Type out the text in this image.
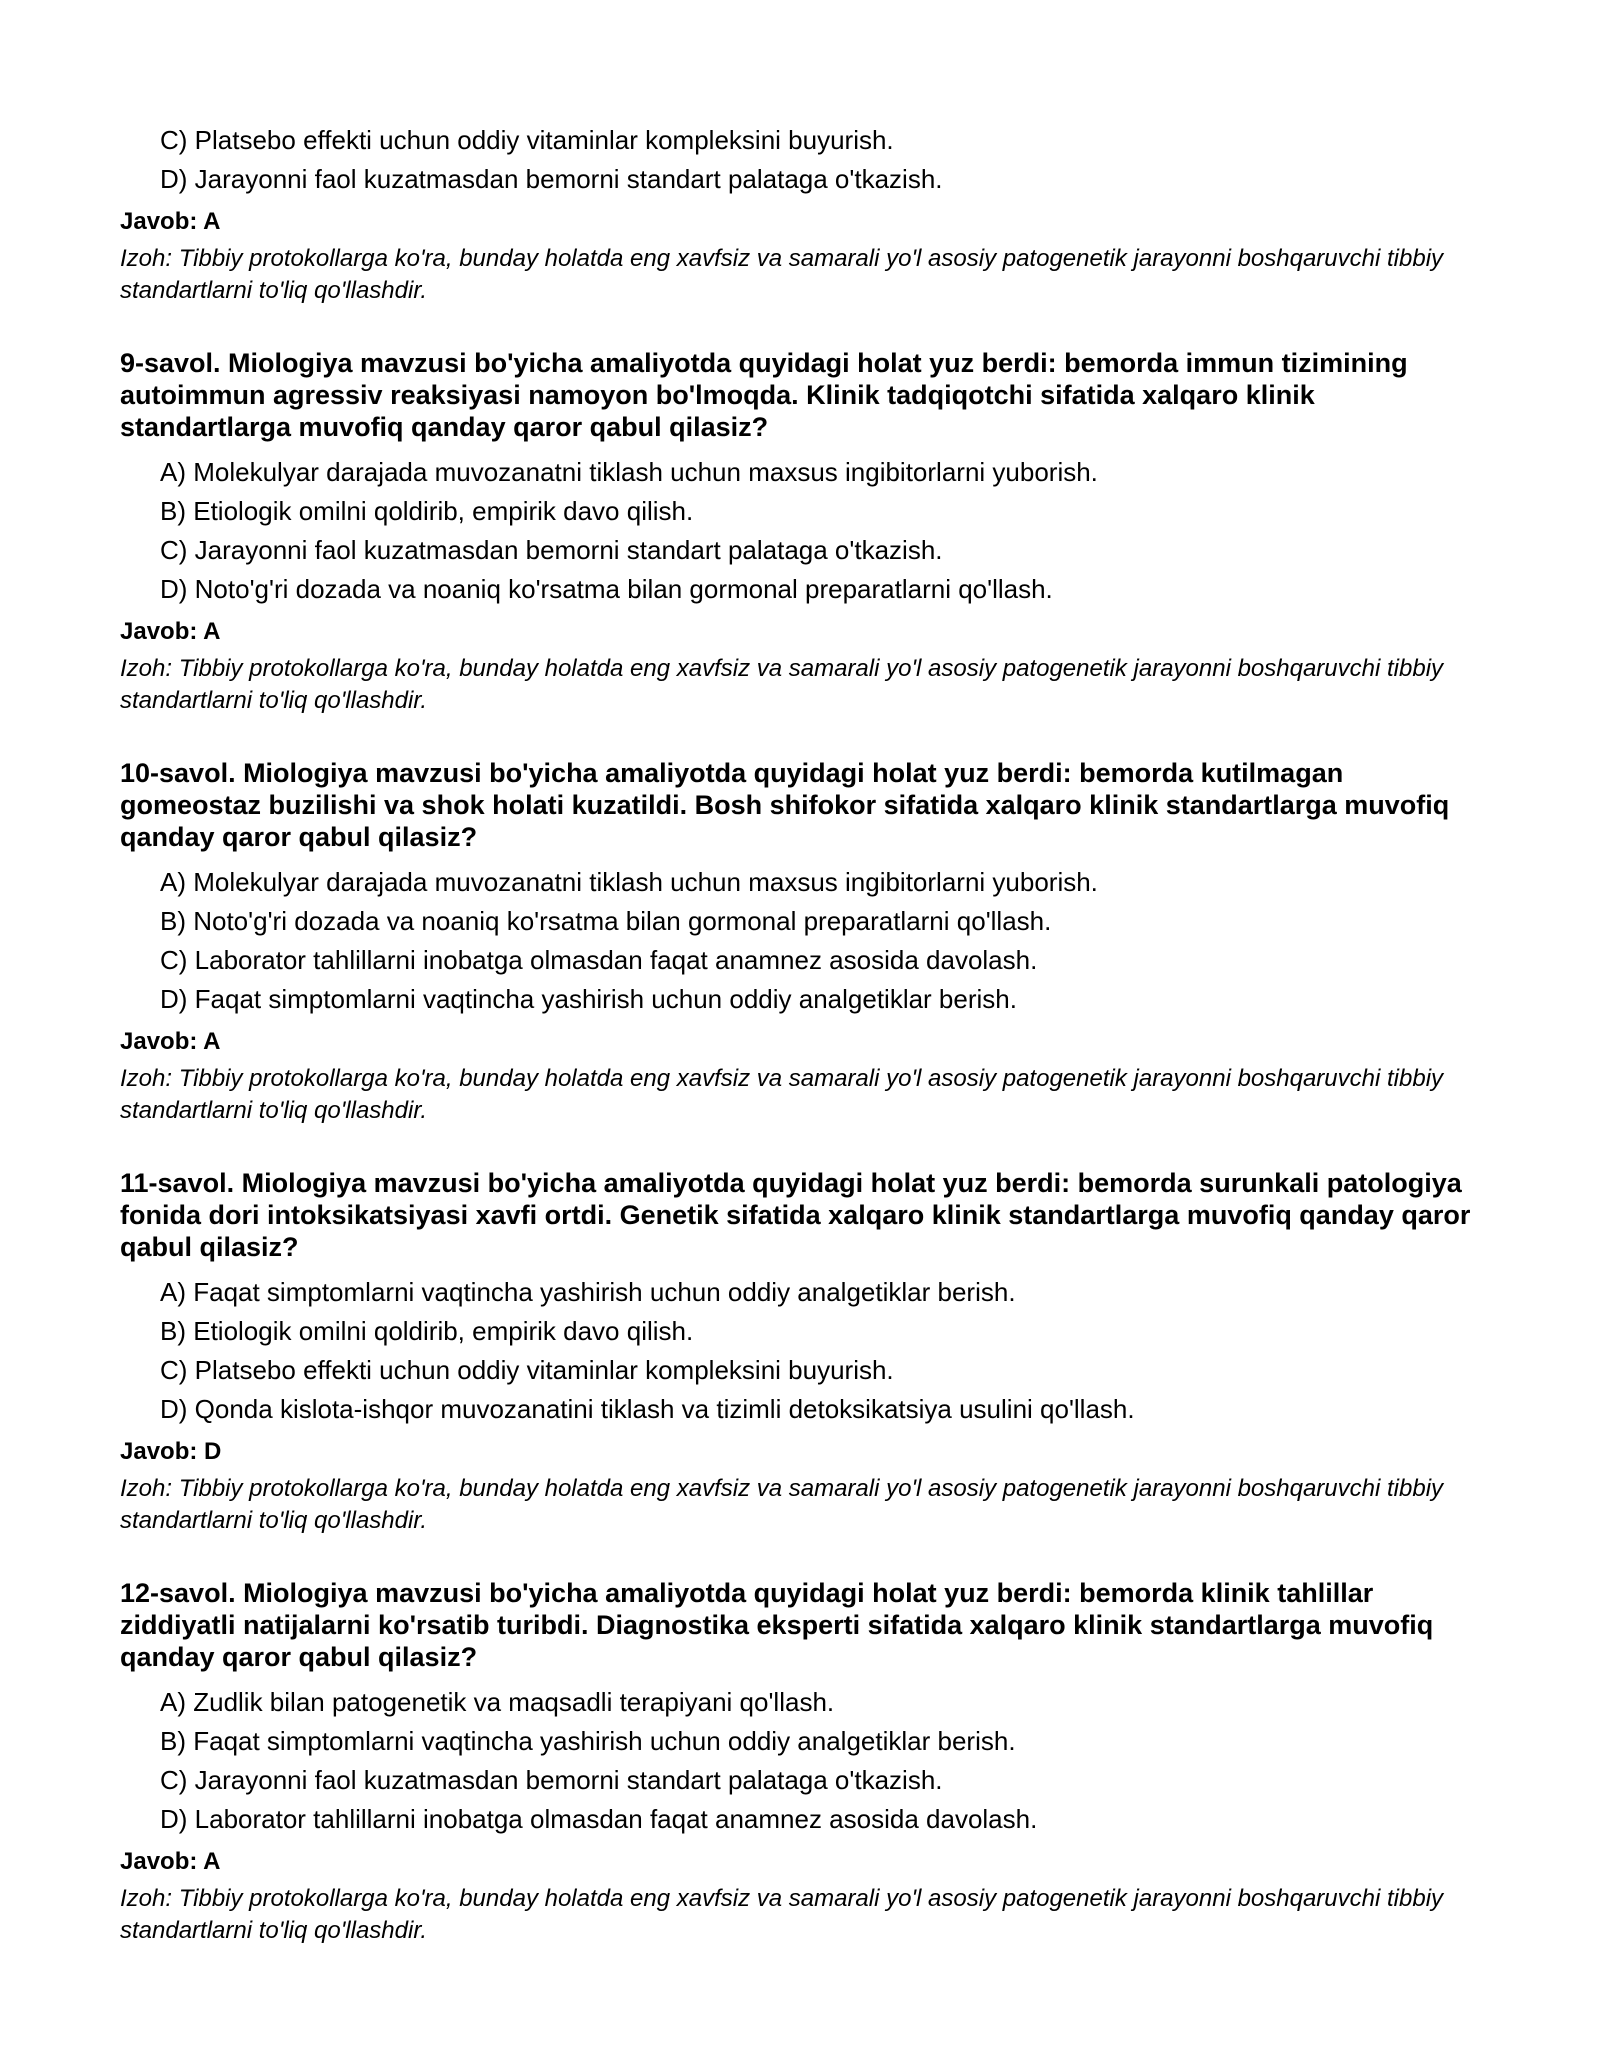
C) Platsebo effekti uchun oddiy vitaminlar kompleksini buyurish.
D) Jarayonni faol kuzatmasdan bemorni standart palataga o'tkazish.
Javob: A
Izoh: Tibbiy protokollarga ko'ra, bunday holatda eng xavfsiz va samarali yo'l asosiy patogenetik jarayonni boshqaruvchi tibbiy standartlarni to'liq qo'llashdir.
9-savol. Miologiya mavzusi bo'yicha amaliyotda quyidagi holat yuz berdi: bemorda immun tizimining autoimmun agressiv reaksiyasi namoyon bo'lmoqda. Klinik tadqiqotchi sifatida xalqaro klinik standartlarga muvofiq qanday qaror qabul qilasiz?
A) Molekulyar darajada muvozanatni tiklash uchun maxsus ingibitorlarni yuborish.
B) Etiologik omilni qoldirib, empirik davo qilish.
C) Jarayonni faol kuzatmasdan bemorni standart palataga o'tkazish.
D) Noto'g'ri dozada va noaniq ko'rsatma bilan gormonal preparatlarni qo'llash.
Javob: A
Izoh: Tibbiy protokollarga ko'ra, bunday holatda eng xavfsiz va samarali yo'l asosiy patogenetik jarayonni boshqaruvchi tibbiy standartlarni to'liq qo'llashdir.
10-savol. Miologiya mavzusi bo'yicha amaliyotda quyidagi holat yuz berdi: bemorda kutilmagan gomeostaz buzilishi va shok holati kuzatildi. Bosh shifokor sifatida xalqaro klinik standartlarga muvofiq qanday qaror qabul qilasiz?
A) Molekulyar darajada muvozanatni tiklash uchun maxsus ingibitorlarni yuborish.
B) Noto'g'ri dozada va noaniq ko'rsatma bilan gormonal preparatlarni qo'llash.
C) Laborator tahlillarni inobatga olmasdan faqat anamnez asosida davolash.
D) Faqat simptomlarni vaqtincha yashirish uchun oddiy analgetiklar berish.
Javob: A
Izoh: Tibbiy protokollarga ko'ra, bunday holatda eng xavfsiz va samarali yo'l asosiy patogenetik jarayonni boshqaruvchi tibbiy standartlarni to'liq qo'llashdir.
11-savol. Miologiya mavzusi bo'yicha amaliyotda quyidagi holat yuz berdi: bemorda surunkali patologiya fonida dori intoksikatsiyasi xavfi ortdi. Genetik sifatida xalqaro klinik standartlarga muvofiq qanday qaror qabul qilasiz?
A) Faqat simptomlarni vaqtincha yashirish uchun oddiy analgetiklar berish.
B) Etiologik omilni qoldirib, empirik davo qilish.
C) Platsebo effekti uchun oddiy vitaminlar kompleksini buyurish.
D) Qonda kislota-ishqor muvozanatini tiklash va tizimli detoksikatsiya usulini qo'llash.
Javob: D
Izoh: Tibbiy protokollarga ko'ra, bunday holatda eng xavfsiz va samarali yo'l asosiy patogenetik jarayonni boshqaruvchi tibbiy standartlarni to'liq qo'llashdir.
12-savol. Miologiya mavzusi bo'yicha amaliyotda quyidagi holat yuz berdi: bemorda klinik tahlillar ziddiyatli natijalarni ko'rsatib turibdi. Diagnostika eksperti sifatida xalqaro klinik standartlarga muvofiq qanday qaror qabul qilasiz?
A) Zudlik bilan patogenetik va maqsadli terapiyani qo'llash.
B) Faqat simptomlarni vaqtincha yashirish uchun oddiy analgetiklar berish.
C) Jarayonni faol kuzatmasdan bemorni standart palataga o'tkazish.
D) Laborator tahlillarni inobatga olmasdan faqat anamnez asosida davolash.
Javob: A
Izoh: Tibbiy protokollarga ko'ra, bunday holatda eng xavfsiz va samarali yo'l asosiy patogenetik jarayonni boshqaruvchi tibbiy standartlarni to'liq qo'llashdir.
